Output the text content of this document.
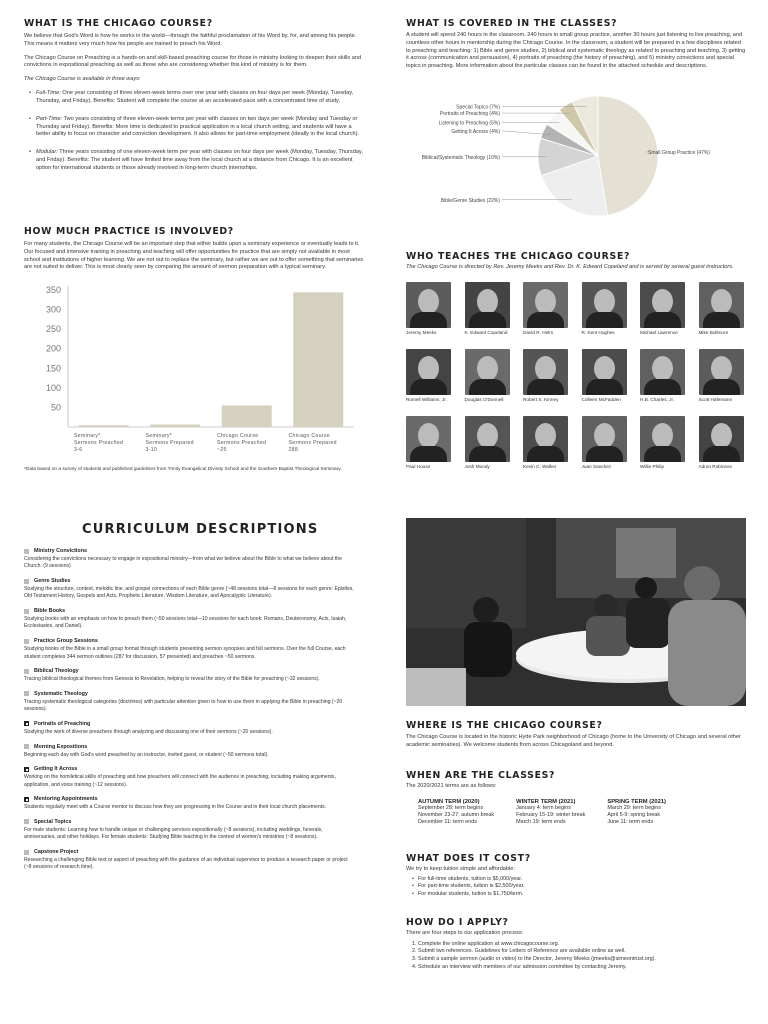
WHAT IS THE CHICAGO COURSE?
We believe that God's Word is how he works in the world—through the faithful proclamation of his Word by, for, and among his people. This means it matters very much how his people are trained to preach his Word.
The Chicago Course on Preaching is a hands-on and skill-based preaching course for those in ministry looking to deepen their skills and convictions in expositional preaching as well as those who are considering whether this kind of ministry is for them.
The Chicago Course is available in three ways:
• Full-Time: One year consisting of three eleven-week terms over one year with classes on four days per week (Monday, Tuesday, Thursday, and Friday). Benefits: Student will complete the course at an accelerated pace with a concentrated time of study.
• Part-Time: Two years consisting of three eleven-week terms per year with classes on two days per week (Monday and Tuesday or Thursday and Friday). Benefits: More time is dedicated to practical application in a local church setting, and students will have a better ability to focus on character and conviction development. It also allows for part-time employment (ideally in the local church).
• Modular: Three years consisting of one eleven-week term per year with classes on four days per week (Monday, Tuesday, Thursday, and Friday). Benefits: The student will have limited time away from the local church at a distance from Chicago. It is an excellent option for international students or those already involved in long-term church internships.
HOW MUCH PRACTICE IS INVOLVED?
For many students, the Chicago Course will be an important step that either builds upon a seminary experience or eventually leads to it. Our focused and intensive training in preaching and teaching will offer opportunities for practice that are simply not available in most school and institutions of higher learning. We are not out to replace the seminary, but rather we are out to offer something that seminaries are not suited to deliver. This is most clearly seen by comparing the amount of sermon preparation with a typical seminary.
50
100
150
200
250
300
350
Seminary*
Sermons Preached
3-6
Seminary*
Sermons Prepared
3-10
Chicago Course
Sermons Preached
~25
Chicago Course
Sermons Prepared
288
*Data based on a survey of students and published guidelines from Trinity Evangelical Divinity School and the Southern Baptist Theological Seminary.
WHAT IS COVERED IN THE CLASSES?
A student will spend 240 hours in the classroom, 240 hours in small group practice, another 30 hours just listening to live preaching, and countless other hours in mentorship during the Chicago Course. In the classroom, a student will be prepared in a few disciplines related to preaching and teaching: 1) Bible and genre studies, 2) biblical and systematic theology as related to preaching and teaching, 3) getting it across (communication and persuasion), 4) portraits of preaching (the history of preaching), and 5) ministry convictions and special topics in preaching. More information about the particular classes can be found in the attached schedule and descriptions.
Small Group Practice (47%)
Bible/Genre Studies (22%)
Biblical/Systematic Theology (10%)
Getting It Across (4%)
Listening to Preaching (5%)
Portraits of Preaching (4%)
Special Topics (7%)
WHO TEACHES THE CHICAGO COURSE?
The Chicago Course is directed by Rev. Jeremy Meeks and Rev. Dr. K. Edward Copeland and is served by several guest instructors.
Jeremy Meeks	K. Edward Copeland	David R. Helm	R. Kent Hughes	Michael Lawrence	Mike Bullmore
Romell Williams, Jr.	Douglas O'Donnell	Robert S. Kinney	Colleen McFadden	H.B. Charles, Jr.	Scott Hafemann
Paul House	Josh Moody	Kevin C. Walker	Juan Sanchez	Willie Philip	Adron Robinson
CURRICULUM DESCRIPTIONS
Ministry Convictions
Considering the convictions necessary to engage in expositional ministry—from what we believe about the Bible to what we believe about the Church. (9 sessions)
Genre Studies
Studying the structure, context, melodic line, and gospel connections of each Bible genre (~48 sessions total—8 sessions for each genre: Epistles, Old Testament History, Gospels and Acts, Prophetic Literature, Wisdom Literature, and Apocalyptic Literature).
Bible Books
Studying books with an emphasis on how to preach them (~50 sessions total—10 sessions for each book: Romans, Deuteronomy, Acts, Isaiah, Ecclesiastes, and Daniel).
Practice Group Sessions
Studying books of the Bible in a small group format through students presenting sermon synopses and full sermons. Over the full Course, each student completes 344 sermon outlines (287 for discussion, 57 presented) and preaches ~50 sermons.
Biblical Theology
Tracing biblical theological themes from Genesis to Revelation, helping to reveal the story of the Bible for preaching (~32 sessions).
Systematic Theology
Tracing systematic theological categories (doctrines) with particular attention given to how to use them in applying the Bible in preaching (~20 sessions).
Portraits of Preaching
Studying the work of diverse preachers through analyzing and discussing one of their sermons (~20 sessions).
Morning Expositions
Beginning each day with God's word preached by an instructor, invited guest, or student (~50 sermons total).
Getting It Across
Working on the homiletical skills of preaching and how preachers will connect with the audience in preaching, including making arguments, application, and voice training (~12 sessions).
Mentoring Appointments
Students regularly meet with a Course mentor to discuss how they are progressing in the Course and in their local church placements.
Special Topics
For male students: Learning how to handle unique or challenging services expositionally (~8 sessions), including weddings, funerals, anniversaries, and other holidays. For female students: Studying Bible teaching in the context of women's ministries (~8 sessions).
Capstone Project
Researching a challenging Bible text or aspect of preaching with the guidance of an individual supervisor to produce a research paper or project (~8 sessions of research time).
WHERE IS THE CHICAGO COURSE?
The Chicago Course is located in the historic Hyde Park neighborhood of Chicago (home to the University of Chicago and several other academic seminaries). We welcome students from across Chicagoland and beyond.
WHEN ARE THE CLASSES?
The 2020/2021 terms are as follows:
AUTUMN TERM (2020)
September 28: term begins
November 23-27: autumn break
December 11: term ends
WINTER TERM (2021)
January 4: term begins
February 15-19: winter break
March 19: term ends
SPRING TERM (2021)
March 29: term begins
April 5-9: spring break
June 11: term ends
WHAT DOES IT COST?
We try to keep tuition simple and affordable:
• For full-time students, tuition is $5,000/year.
• For part-time students, tuition is $2,500/year.
• For modular students, tuition is $1,750/term.
HOW DO I APPLY?
There are four steps to our application process:
1. Complete the online application at www.chicagocourse.org.
2. Submit two references. Guidelines for Letters of Reference are available online as well.
3. Submit a sample sermon (audio or video) to the Director, Jeremy Meeks (jmeeks@simeontrust.org).
4. Schedule an interview with members of our admission committee by contacting Jeremy.
